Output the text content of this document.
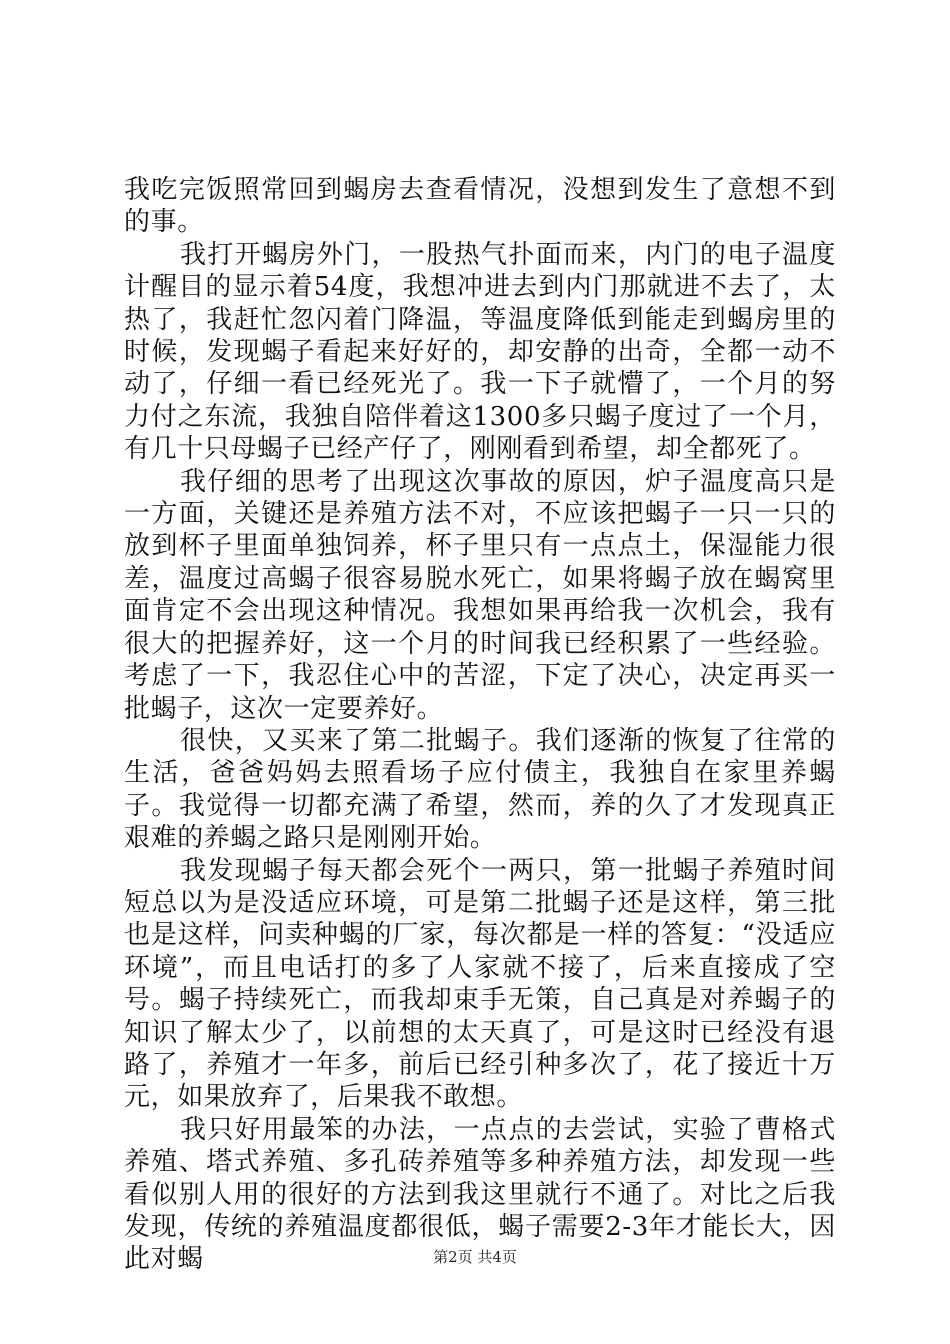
我吃完饭照常回到蝎房去查看情况，没想到发生了意想不到的事。

我打开蝎房外门，一股热气扑面而来，内门的电子温度计醒目的显示着54度，我想冲进去到内门那就进不去了，太热了，我赶忙忽闪着门降温，等温度降低到能走到蝎房里的时候，发现蝎子看起来好好的，却安静的出奇，全都一动不动了，仔细一看已经死光了。我一下子就懵了，一个月的努力付之东流，我独自陪伴着这1300多只蝎子度过了一个月，有几十只母蝎子已经产仔了，刚刚看到希望，却全都死了。

我仔细的思考了出现这次事故的原因，炉子温度高只是一方面，关键还是养殖方法不对，不应该把蝎子一只一只的放到杯子里面单独饲养，杯子里只有一点点土，保湿能力很差，温度过高蝎子很容易脱水死亡，如果将蝎子放在蝎窝里面肯定不会出现这种情况。我想如果再给我一次机会，我有很大的把握养好，这一个月的时间我已经积累了一些经验。考虑了一下，我忍住心中的苦涩，下定了决心，决定再买一批蝎子，这次一定要养好。

很快，又买来了第二批蝎子。我们逐渐的恢复了往常的生活，爸爸妈妈去照看场子应付债主，我独自在家里养蝎子。我觉得一切都充满了希望，然而，养的久了才发现真正艰难的养蝎之路只是刚刚开始。

我发现蝎子每天都会死个一两只，第一批蝎子养殖时间短总以为是没适应环境，可是第二批蝎子还是这样，第三批也是这样，问卖种蝎的厂家，每次都是一样的答复：“没适应环境”，而且电话打的多了人家就不接了，后来直接成了空号。蝎子持续死亡，而我却束手无策，自己真是对养蝎子的知识了解太少了，以前想的太天真了，可是这时已经没有退路了，养殖才一年多，前后已经引种多次了，花了接近十万元，如果放弃了，后果我不敢想。

我只好用最笨的办法，一点点的去尝试，实验了曹格式养殖、塔式养殖、多孔砖养殖等多种养殖方法，却发现一些看似别人用的很好的方法到我这里就行不通了。对比之后我发现，传统的养殖温度都很低，蝎子需要2-3年才能长大，因此对蝎	第2页 共4页
